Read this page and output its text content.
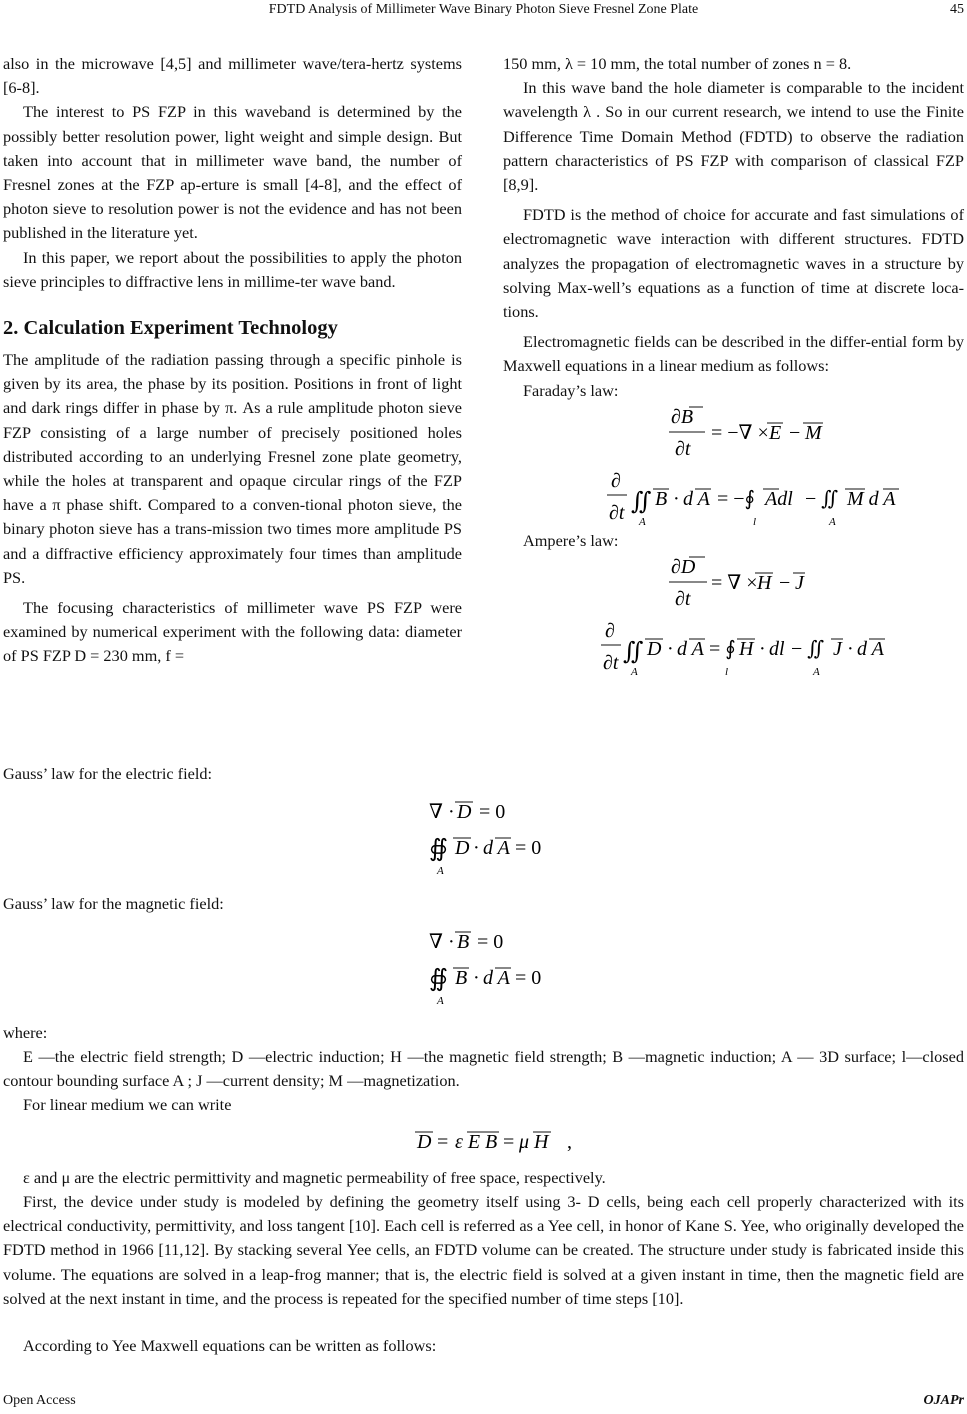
FDTD Analysis of Millimeter Wave Binary Photon Sieve Fresnel Zone Plate	45

also in the microwave [4,5] and millimeter wave/tera-hertz systems [6-8].

The interest to PS FZP in this waveband is determined by the possibly better resolution power, light weight and simple design. But taken into account that in millimeter wave band, the number of Fresnel zones at the FZP ap-erture is small [4-8], and the effect of photon sieve to resolution power is not the evidence and has not been published in the literature yet.

In this paper, we report about the possibilities to apply the photon sieve principles to diffractive lens in millime-ter wave band.

2. Calculation Experiment Technology

The amplitude of the radiation passing through a specific pinhole is given by its area, the phase by its position. Positions in front of light and dark rings differ in phase by π. As a rule amplitude photon sieve FZP consisting of a large number of precisely positioned holes distributed according to an underlying Fresnel zone plate geometry, while the holes at transparent and opaque circular rings of the FZP have a π phase shift. Compared to a conven-tional photon sieve, the binary photon sieve has a trans-mission two times more amplitude PS and a diffractive efficiency approximately four times than amplitude PS.

The focusing characteristics of millimeter wave PS FZP were examined by numerical experiment with the following data: diameter of PS FZP D = 230 mm, f =

150 mm, λ = 10 mm, the total number of zones n = 8.

In this wave band the hole diameter is comparable to the incident wavelength λ . So in our current research, we intend to use the Finite Difference Time Domain Method (FDTD) to observe the radiation pattern characteristics of PS FZP with comparison of classical FZP [8,9].

FDTD is the method of choice for accurate and fast simulations of electromagnetic wave interaction with different structures. FDTD analyzes the propagation of electromagnetic waves in a structure by solving Max-well’s equations as a function of time at discrete loca-tions.

Electromagnetic fields can be described in the differ-ential form by Maxwell equations in a linear medium as follows:

Faraday’s law:

∂B
∂t
= −∇ × E − M
∂
∂t ∬
A
B · d A = −∮
l
Adl − ∬
A
M d A

Ampere’s law:

∂D
∂t
= ∇ × H − J
∂
∂t ∬
A
D · d A = ∮
l
H · dl − ∬
A
J · d A
Gauss’ law for the electric field:
∇ · D = 0
∯
A
D · d A = 0
Gauss’ law for the magnetic field:
∇ · B = 0
∯
A
B · d A = 0
where:

E —the electric field strength; D —electric induction; H —the magnetic field strength; B —magnetic induction; A — 3D surface; l—closed contour bounding surface A ; J —current density; M —magnetization.

For linear medium we can write

D = ε E B = μ H ,

ε and μ are the electric permittivity and magnetic permeability of free space, respectively.

First, the device under study is modeled by defining the geometry itself using 3- D cells, being each cell properly characterized with its electrical conductivity, permittivity, and loss tangent [10]. Each cell is referred as a Yee cell, in honor of Kane S. Yee, who originally developed the FDTD method in 1966 [11,12]. By stacking several Yee cells, an FDTD volume can be created. The structure under study is fabricated inside this volume. The equations are solved in a leap-frog manner; that is, the electric field is solved at a given instant in time, then the magnetic field are solved at the next instant in time, and the process is repeated for the specified number of time steps [10].

According to Yee Maxwell equations can be written as follows:

Open Access	OJAPr
